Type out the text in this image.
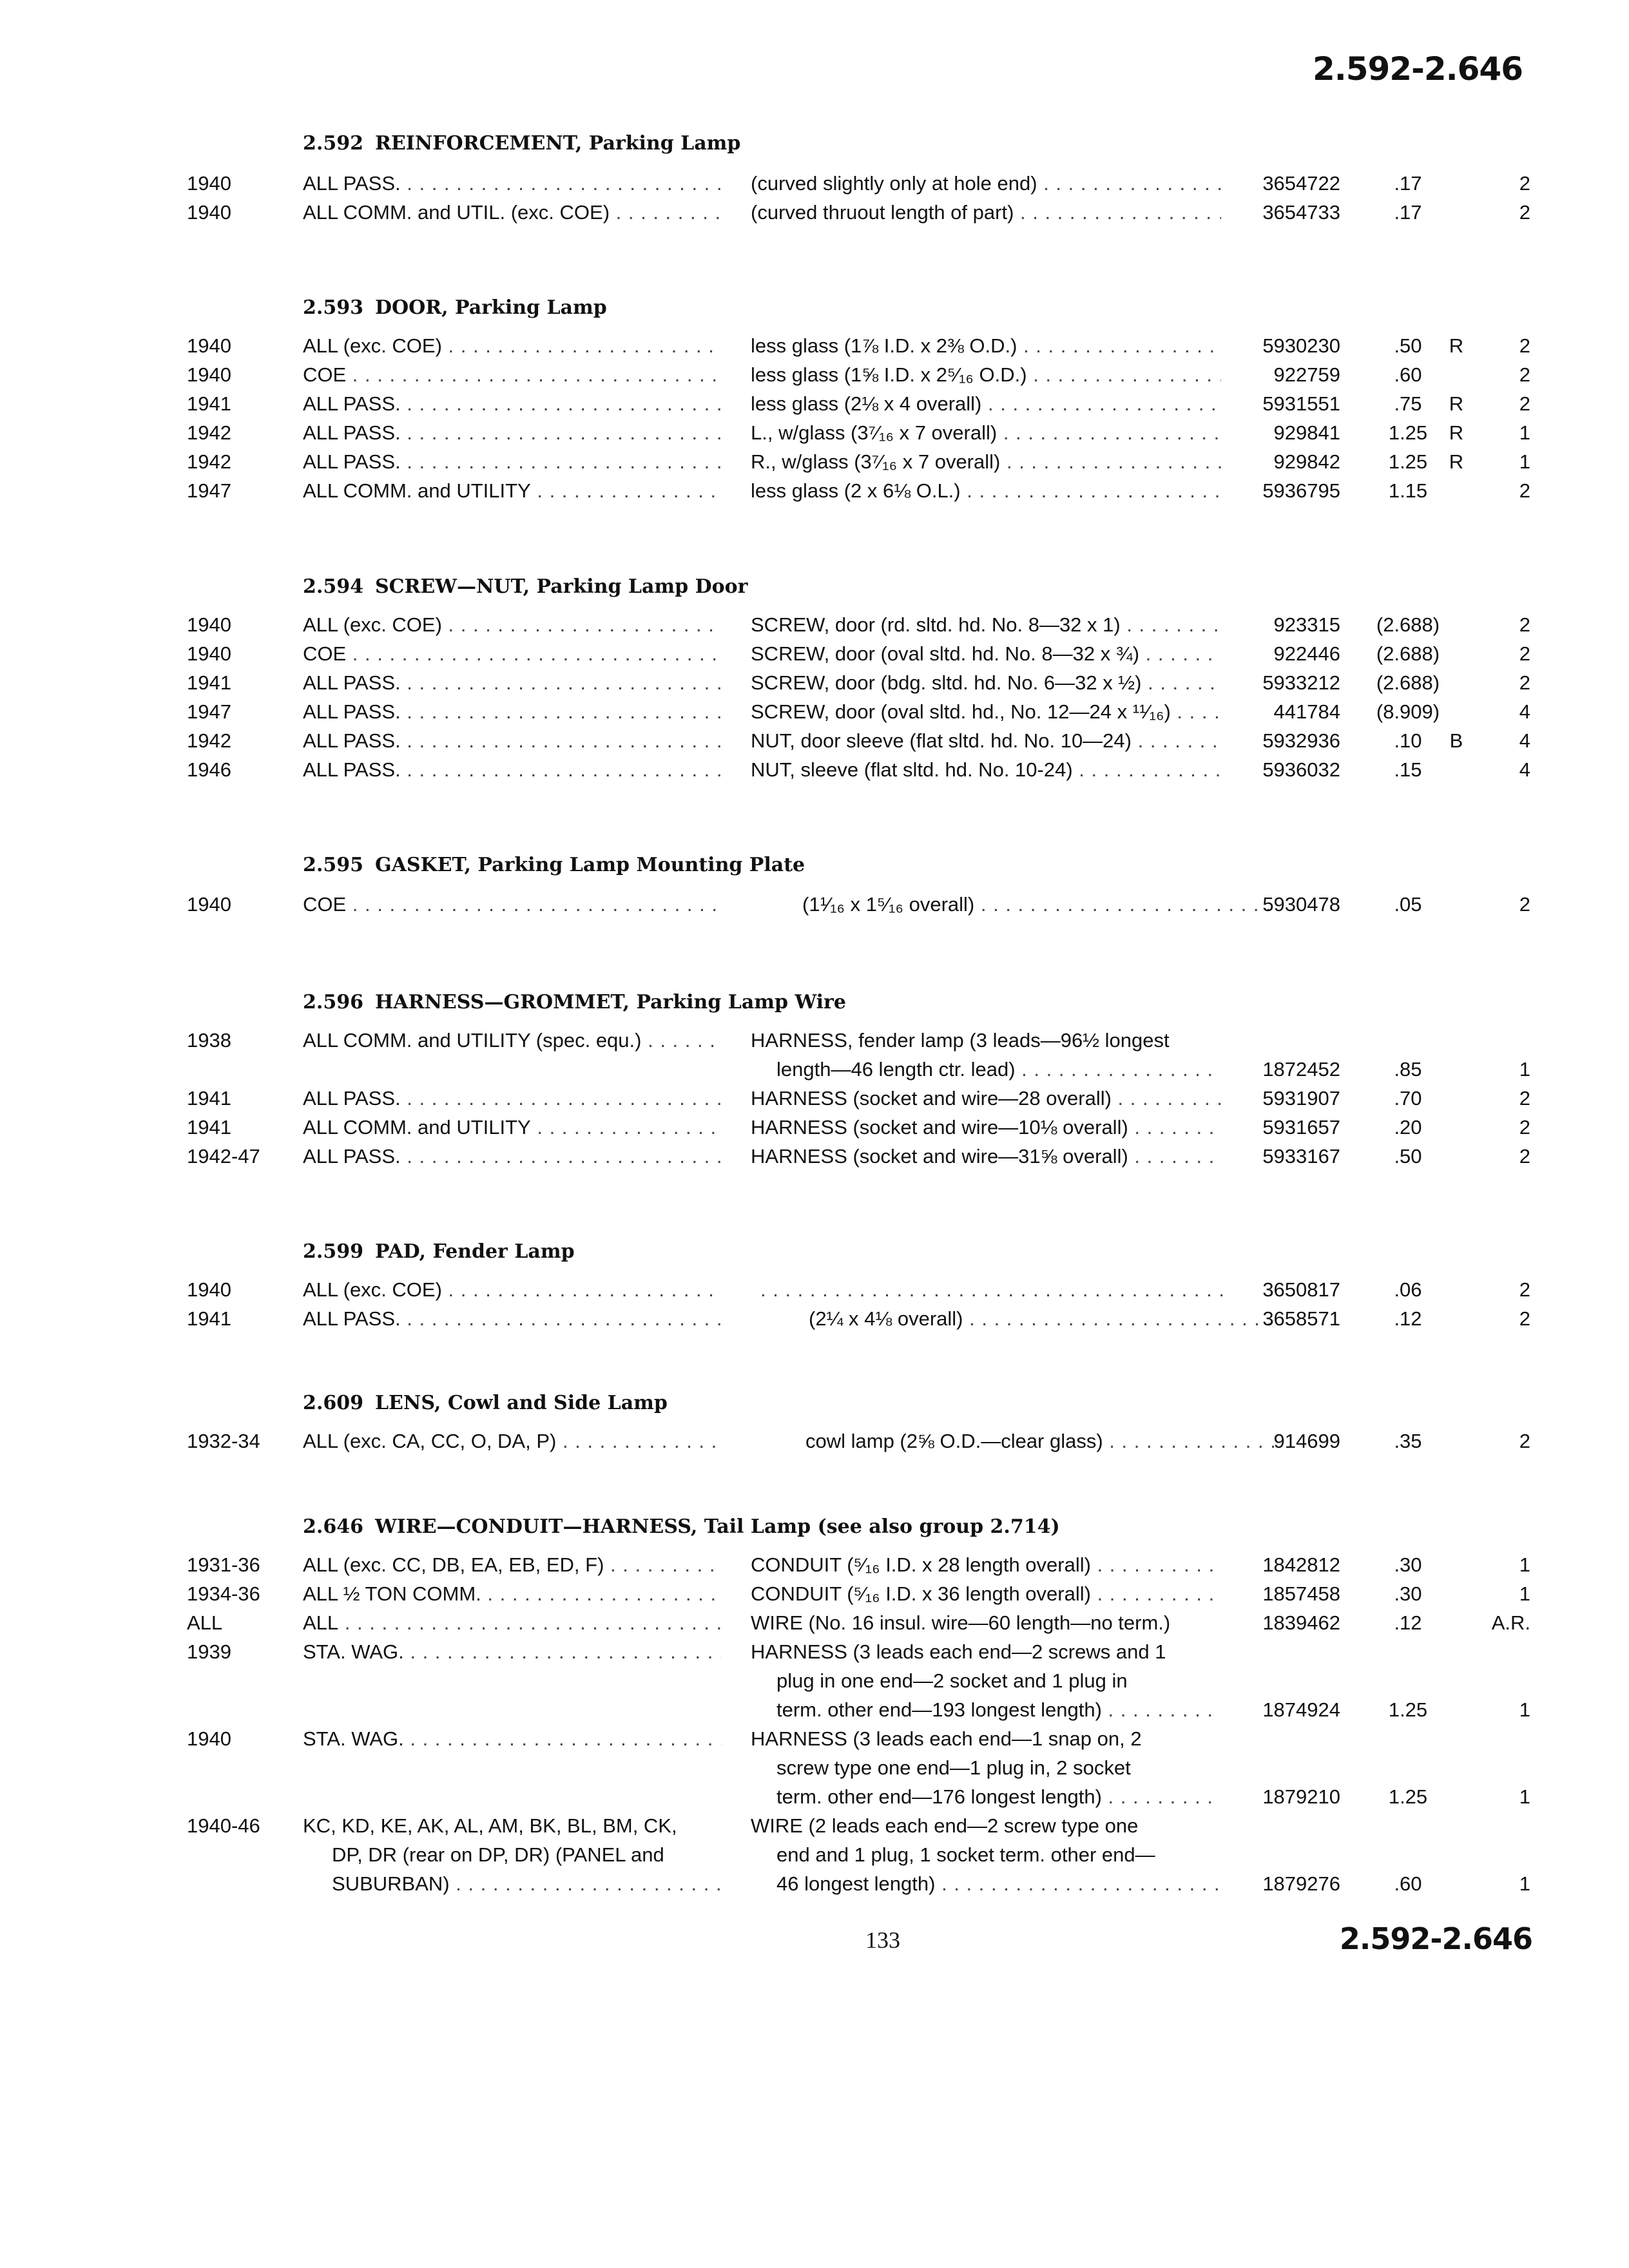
2.592-2.646
2.592 REINFORCEMENT, Parking Lamp
1940	ALL PASS. . . .	(curved slightly only at hole end) . . .	3654722	.17	2
1940	ALL COMM. and UTIL. (exc. COE) . . .	(curved thruout length of part) . . .	3654733	.17	2
2.593 DOOR, Parking Lamp
1940	ALL (exc. COE) . . .	less glass (1⅞ I.D. x 2⅜ O.D.) . . .	5930230	.50	R	2
1940	COE . . .	less glass (1⅝ I.D. x 2⁵⁄₁₆ O.D.) . . .	922759	.60	2
1941	ALL PASS. . . .	less glass (2⅛ x 4 overall) . . .	5931551	.75	R	2
1942	ALL PASS. . . .	L., w/glass (3⁷⁄₁₆ x 7 overall) . . .	929841	1.25	R	1
1942	ALL PASS. . . .	R., w/glass (3⁷⁄₁₆ x 7 overall) . . .	929842	1.25	R	1
1947	ALL COMM. and UTILITY . . .	less glass (2 x 6⅛ O.L.) . . .	5936795	1.15	2
2.594 SCREW—NUT, Parking Lamp Door
1940	ALL (exc. COE) . . .	SCREW, door (rd. sltd. hd. No. 8—32 x 1) . . .	923315	(2.688)	2
1940	COE . . .	SCREW, door (oval sltd. hd. No. 8—32 x ¾) . . .	922446	(2.688)	2
1941	ALL PASS. . . .	SCREW, door (bdg. sltd. hd. No. 6—32 x ½) . . .	5933212	(2.688)	2
1947	ALL PASS. . . .	SCREW, door (oval sltd. hd., No. 12—24 x ¹¹⁄₁₆) . . .	441784	(8.909)	4
1942	ALL PASS. . . .	NUT, door sleeve (flat sltd. hd. No. 10—24) . . .	5932936	.10	B	4
1946	ALL PASS. . . .	NUT, sleeve (flat sltd. hd. No. 10-24) . . .	5936032	.15	4
2.595 GASKET, Parking Lamp Mounting Plate
1940	COE . . .	(1¹⁄₁₆ x 1⁵⁄₁₆ overall) . . .	5930478	.05	2
2.596 HARNESS—GROMMET, Parking Lamp Wire
1938	ALL COMM. and UTILITY (spec. equ.) . . .	HARNESS, fender lamp (3 leads—96½ longest
length—46 length ctr. lead) . . .	1872452	.85	1
1941	ALL PASS. . . .	HARNESS (socket and wire—28 overall) . . .	5931907	.70	2
1941	ALL COMM. and UTILITY . . .	HARNESS (socket and wire—10⅛ overall) . . .	5931657	.20	2
1942-47	ALL PASS. . . .	HARNESS (socket and wire—31⅝ overall) . . .	5933167	.50	2
2.599 PAD, Fender Lamp
1940	ALL (exc. COE) . . .
. . .	3650817	.06	2
1941	ALL PASS. . . .	(2¼ x 4⅛ overall) . . .	3658571	.12	2
2.609 LENS, Cowl and Side Lamp
1932-34	ALL (exc. CA, CC, O, DA, P) . . .	cowl lamp (2⅝ O.D.—clear glass) . . .	914699	.35	2
2.646 WIRE—CONDUIT—HARNESS, Tail Lamp (see also group 2.714)
1931-36	ALL (exc. CC, DB, EA, EB, ED, F) . . .	CONDUIT (⁵⁄₁₆ I.D. x 28 length overall) . . .	1842812	.30	1
1934-36	ALL ½ TON COMM. . . .	CONDUIT (⁵⁄₁₆ I.D. x 36 length overall) . . .	1857458	.30	1
ALL	ALL . . .	WIRE (No. 16 insul. wire—60 length—no term.)	1839462	.12	A.R.
1939	STA. WAG. . . .	HARNESS (3 leads each end—2 screws and 1
plug in one end—2 socket and 1 plug in
term. other end—193 longest length) . . .	1874924	1.25	1
1940	STA. WAG. . . .	HARNESS (3 leads each end—1 snap on, 2
screw type one end—1 plug in, 2 socket
term. other end—176 longest length) . . .	1879210	1.25	1
1940-46	KC, KD, KE, AK, AL, AM, BK, BL, BM, CK,
DP, DR (rear on DP, DR) (PANEL and
SUBURBAN) . . .
WIRE (2 leads each end—2 screw type one
end and 1 plug, 1 socket term. other end—
46 longest length) . . .	1879276	.60	1
133	2.592-2.646
